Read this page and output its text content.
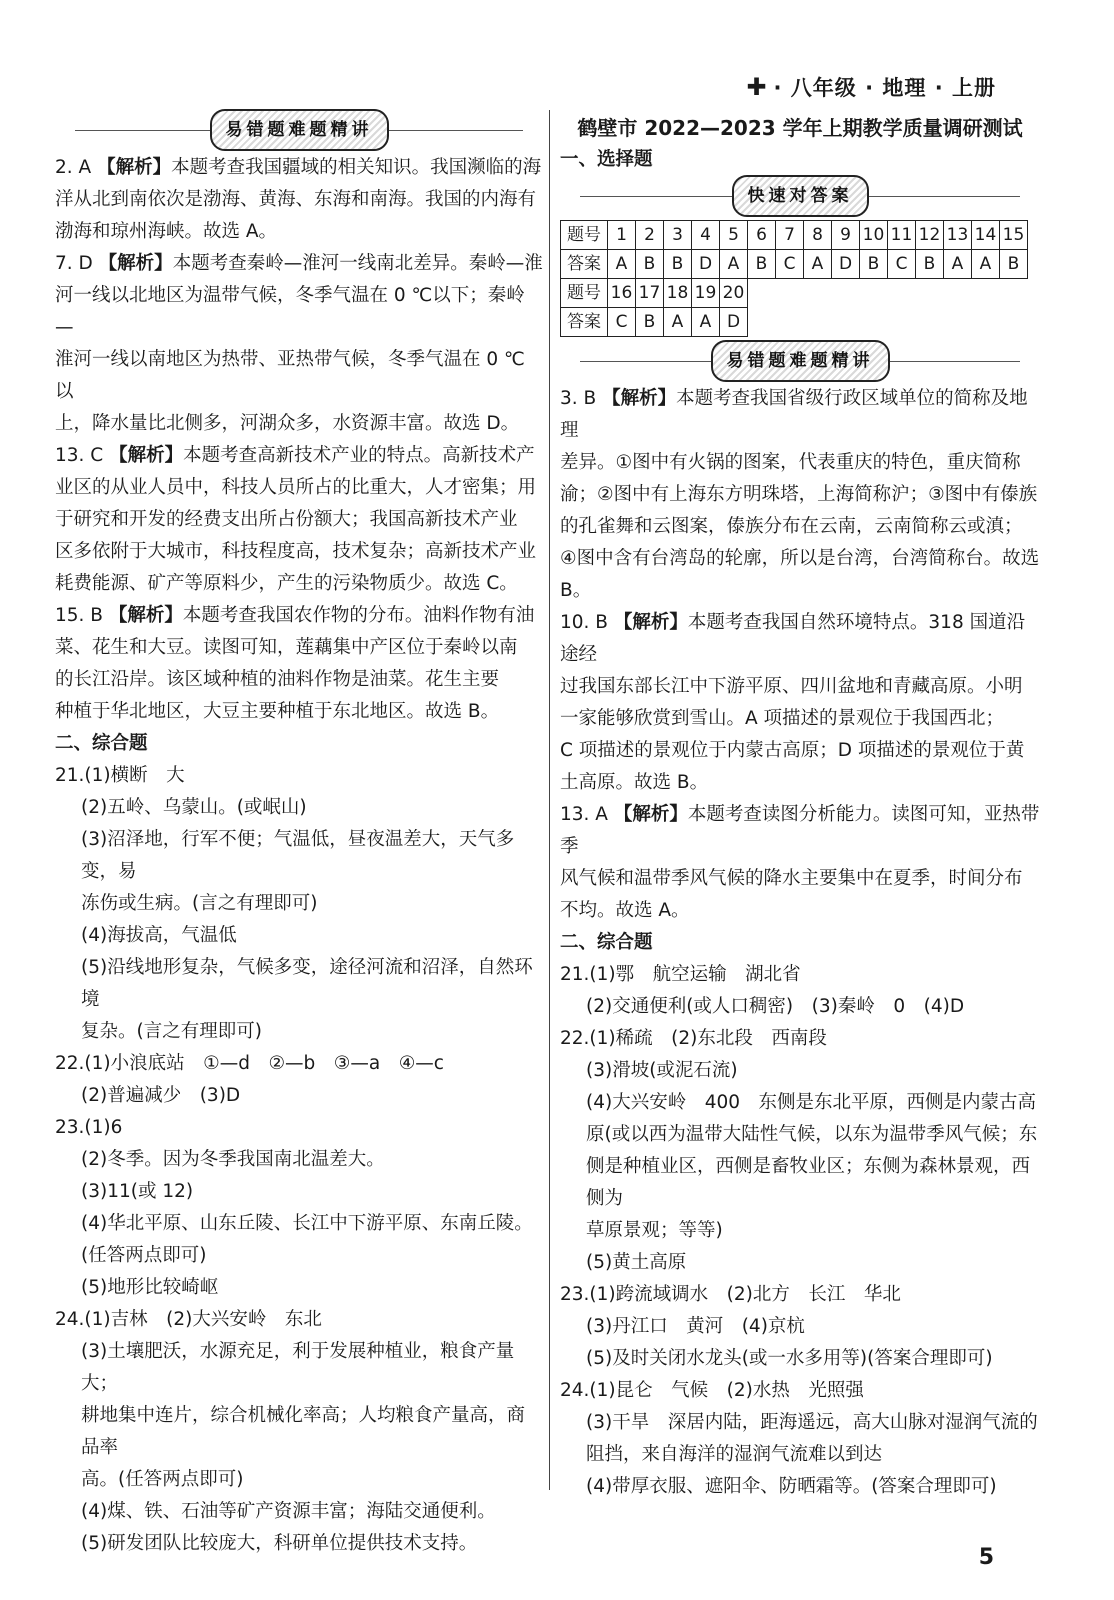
✚ · 八年级 · 地理 · 上册
易错题难题精讲
2. A 【解析】本题考查我国疆域的相关知识。我国濒临的海
洋从北到南依次是渤海、黄海、东海和南海。我国的内海有
渤海和琼州海峡。故选 A。
7. D 【解析】本题考查秦岭—淮河一线南北差异。秦岭—淮
河一线以北地区为温带气候，冬季气温在 0 ℃以下；秦岭—
淮河一线以南地区为热带、亚热带气候，冬季气温在 0 ℃以
上，降水量比北侧多，河湖众多，水资源丰富。故选 D。
13. C 【解析】本题考查高新技术产业的特点。高新技术产
业区的从业人员中，科技人员所占的比重大，人才密集；用
于研究和开发的经费支出所占份额大；我国高新技术产业
区多依附于大城市，科技程度高，技术复杂；高新技术产业
耗费能源、矿产等原料少，产生的污染物质少。故选 C。
15. B 【解析】本题考查我国农作物的分布。油料作物有油
菜、花生和大豆。读图可知，莲藕集中产区位于秦岭以南
的长江沿岸。该区域种植的油料作物是油菜。花生主要
种植于华北地区，大豆主要种植于东北地区。故选 B。
二、综合题
21.(1)横断　大
(2)五岭、乌蒙山。(或岷山)
(3)沼泽地，行军不便；气温低，昼夜温差大，天气多变，易
冻伤或生病。(言之有理即可)
(4)海拔高，气温低
(5)沿线地形复杂，气候多变，途径河流和沼泽，自然环境
复杂。(言之有理即可)
22.(1)小浪底站　①—d　②—b　③—a　④—c
(2)普遍减少　(3)D
23.(1)6
(2)冬季。因为冬季我国南北温差大。
(3)11(或 12)
(4)华北平原、山东丘陵、长江中下游平原、东南丘陵。
(任答两点即可)
(5)地形比较崎岖
24.(1)吉林　(2)大兴安岭　东北
(3)土壤肥沃，水源充足，利于发展种植业，粮食产量大；
耕地集中连片，综合机械化率高；人均粮食产量高，商品率
高。(任答两点即可)
(4)煤、铁、石油等矿产资源丰富；海陆交通便利。
(5)研发团队比较庞大，科研单位提供技术支持。
鹤壁市 2022—2023 学年上期教学质量调研测试
一、选择题
快速对答案
题号	1	2	3	4	5	6	7	8	9	10	11	12	13	14	15
答案	A	B	B	D	A	B	C	A	D	B	C	B	A	A	B
题号	16	17	18	19	20										
答案	C	B	A	A	D										
易错题难题精讲
3. B 【解析】本题考查我国省级行政区域单位的简称及地理
差异。①图中有火锅的图案，代表重庆的特色，重庆简称
渝；②图中有上海东方明珠塔，上海简称沪；③图中有傣族
的孔雀舞和云图案，傣族分布在云南，云南简称云或滇；
④图中含有台湾岛的轮廓，所以是台湾，台湾简称台。故选 B。
10. B 【解析】本题考查我国自然环境特点。318 国道沿途经
过我国东部长江中下游平原、四川盆地和青藏高原。小明
一家能够欣赏到雪山。A 项描述的景观位于我国西北；
C 项描述的景观位于内蒙古高原；D 项描述的景观位于黄
土高原。故选 B。
13. A 【解析】本题考查读图分析能力。读图可知，亚热带季
风气候和温带季风气候的降水主要集中在夏季，时间分布
不均。故选 A。
二、综合题
21.(1)鄂　航空运输　湖北省
(2)交通便利(或人口稠密)　(3)秦岭　0　(4)D
22.(1)稀疏　(2)东北段　西南段
(3)滑坡(或泥石流)
(4)大兴安岭　400　东侧是东北平原，西侧是内蒙古高
原(或以西为温带大陆性气候，以东为温带季风气候；东
侧是种植业区，西侧是畜牧业区；东侧为森林景观，西侧为
草原景观；等等)
(5)黄土高原
23.(1)跨流域调水　(2)北方　长江　华北
(3)丹江口　黄河　(4)京杭
(5)及时关闭水龙头(或一水多用等)(答案合理即可)
24.(1)昆仑　气候　(2)水热　光照强
(3)干旱　深居内陆，距海遥远，高大山脉对湿润气流的
阻挡，来自海洋的湿润气流难以到达
(4)带厚衣服、遮阳伞、防晒霜等。(答案合理即可)
5
